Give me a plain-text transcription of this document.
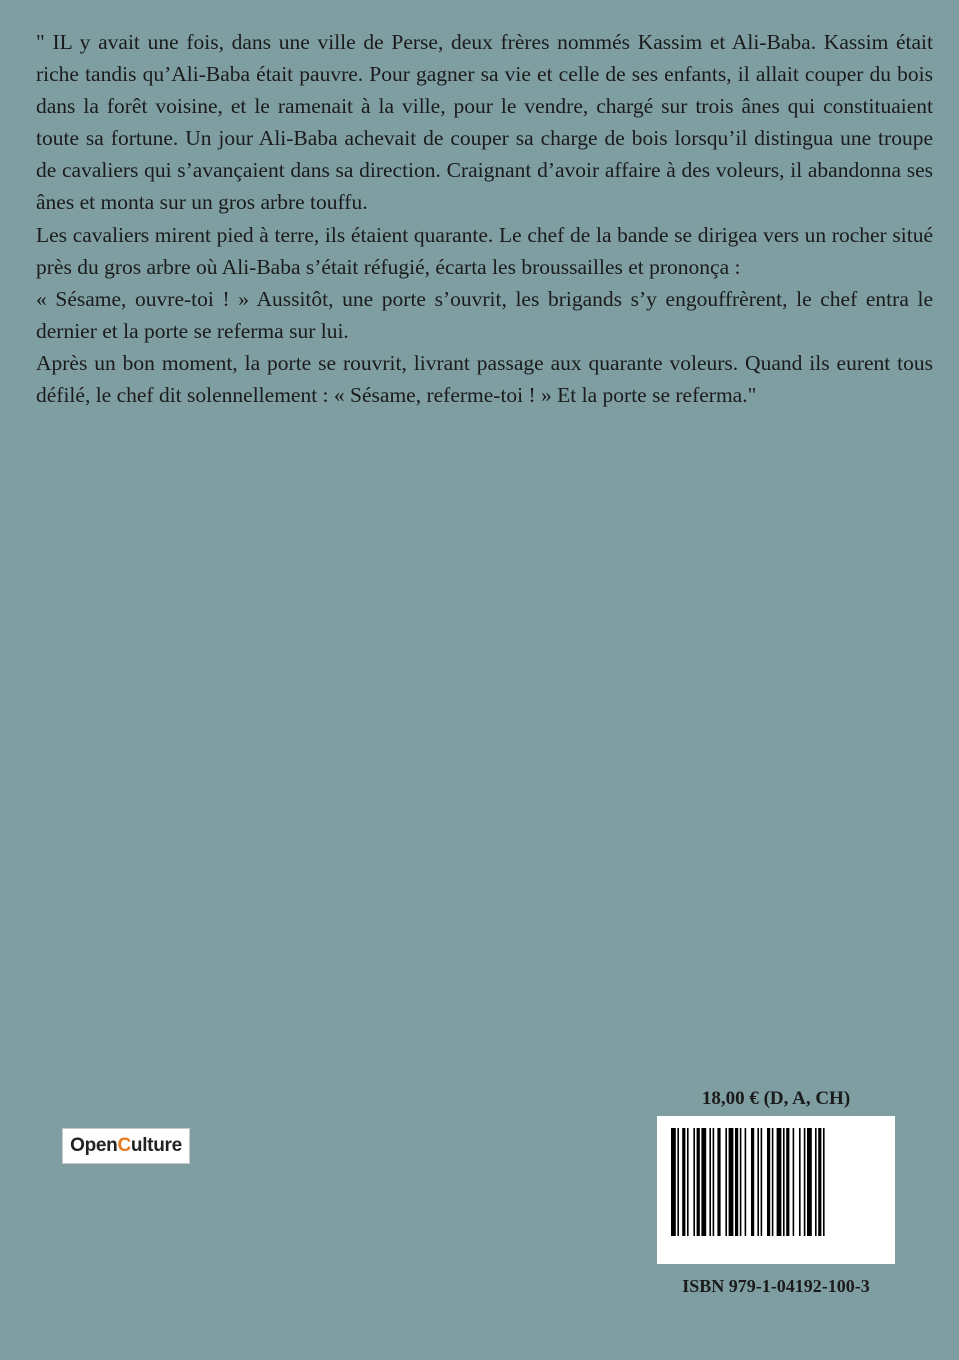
" IL y avait une fois, dans une ville de Perse, deux frères nommés Kassim et Ali-Baba. Kassim était riche tandis qu’Ali-Baba était pauvre. Pour gagner sa vie et celle de ses enfants, il allait couper du bois dans la forêt voisine, et le ramenait à la ville, pour le vendre, chargé sur trois ânes qui constituaient toute sa fortune. Un jour Ali-Baba achevait de couper sa charge de bois lorsqu’il distingua une troupe de cavaliers qui s’avançaient dans sa direction. Craignant d’avoir affaire à des voleurs, il abandonna ses ânes et monta sur un gros arbre touffu.

Les cavaliers mirent pied à terre, ils étaient quarante. Le chef de la bande se dirigea vers un rocher situé près du gros arbre où Ali-Baba s’était réfugié, écarta les broussailles et prononça :

« Sésame, ouvre-toi ! » Aussitôt, une porte s’ouvrit, les brigands s’y engouffrèrent, le chef entra le dernier et la porte se referma sur lui.

Après un bon moment, la porte se rouvrit, livrant passage aux quarante voleurs. Quand ils eurent tous défilé, le chef dit solennellement : « Sésame, referme-toi ! » Et la porte se referma."

Open C ulture
18,00 € (D, A, CH)
ISBN 979-1-04192-100-3
